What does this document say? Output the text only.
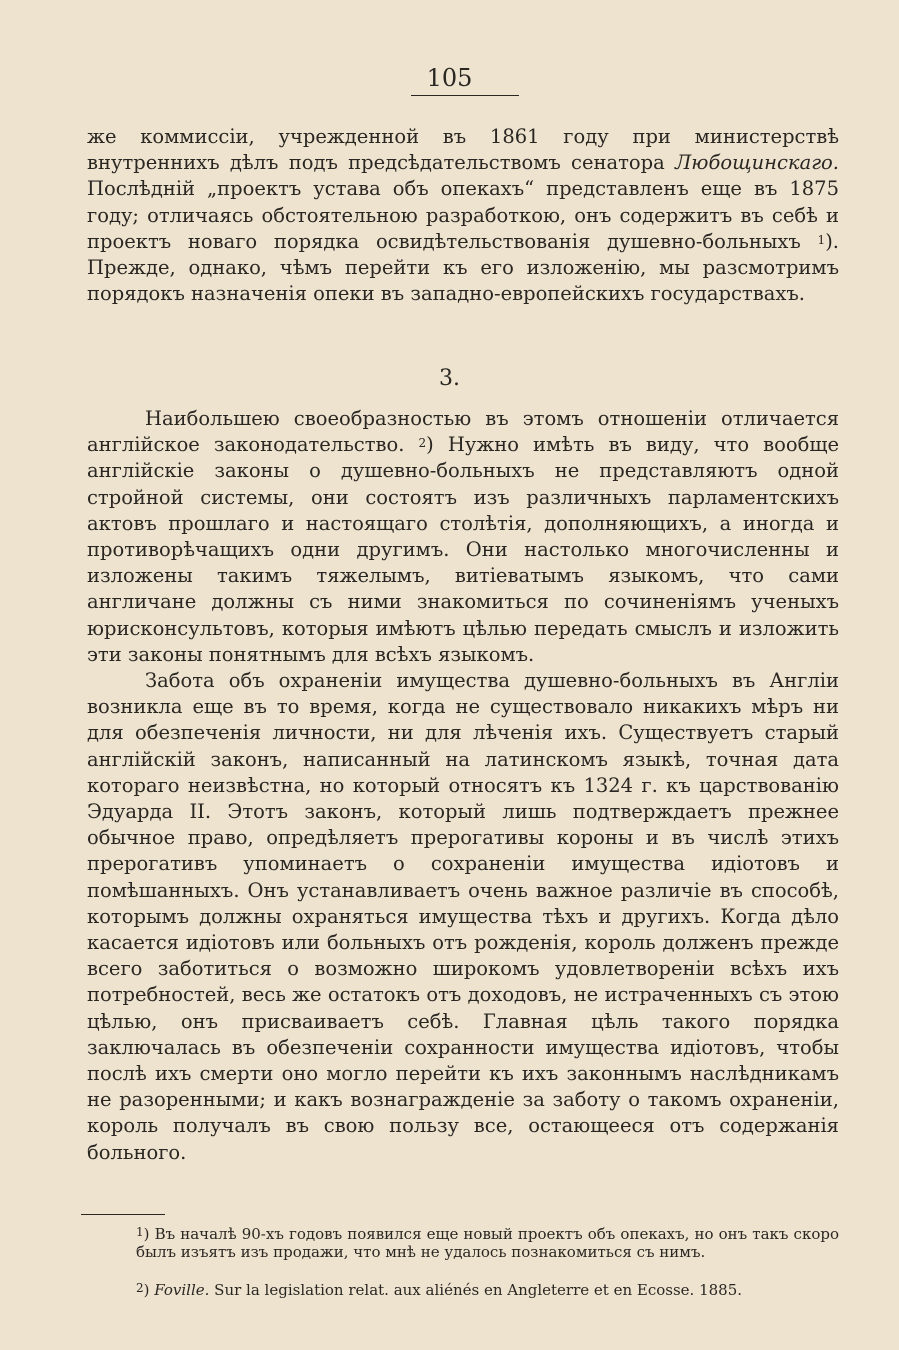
105

же коммиссіи, учрежденной въ 1861 году при министерствѣ внутреннихъ дѣлъ подъ предсѣдательствомъ сенатора Любощинскаго. Послѣдній „проектъ устава объ опекахъ“ представленъ еще въ 1875 году; отличаясь обстоятельною разработкою, онъ содержитъ въ себѣ и проектъ новаго порядка освидѣтельствованія душевно-больныхъ $^1$). Прежде, однако, чѣмъ перейти къ его изложенію, мы разсмотримъ порядокъ назначенія опеки въ западно-европейскихъ государствахъ.

3.

Наибольшею своеобразностью въ этомъ отношеніи отличается англійское законодательство. $^2$) Нужно имѣть въ виду, что вообще англійскіе законы о душевно-больныхъ не представляютъ одной стройной системы, они состоятъ изъ различныхъ парламентскихъ актовъ прошлаго и настоящаго столѣтія, дополняющихъ, а иногда и противорѣчащихъ одни другимъ. Они настолько многочисленны и изложены такимъ тяжелымъ, витіеватымъ языкомъ, что сами англичане должны съ ними знакомиться по сочиненіямъ ученыхъ юрисконсультовъ, которыя имѣютъ цѣлью передать смыслъ и изложить эти законы понятнымъ для всѣхъ языкомъ.

Забота объ охраненіи имущества душевно-больныхъ въ Англіи возникла еще въ то время, когда не существовало никакихъ мѣръ ни для обезпеченія личности, ни для лѣченія ихъ. Существуетъ старый англійскій законъ, написанный на латинскомъ языкѣ, точная дата котораго неизвѣстна, но который относятъ къ 1324 г. къ царствованію Эдуарда II. Этотъ законъ, который лишь подтверждаетъ прежнее обычное право, опредѣляетъ прерогативы короны и въ числѣ этихъ прерогативъ упоминаетъ о сохраненіи имущества идіотовъ и помѣшанныхъ. Онъ устанавливаетъ очень важное различіе въ способѣ, которымъ должны охраняться имущества тѣхъ и другихъ. Когда дѣло касается идіотовъ или больныхъ отъ рожденія, король долженъ прежде всего заботиться о возможно широкомъ удовлетвореніи всѣхъ ихъ потребностей, весь же остатокъ отъ доходовъ, не истраченныхъ съ этою цѣлью, онъ присваиваетъ себѣ. Главная цѣль такого порядка заключалась въ обезпеченіи сохранности имущества идіотовъ, чтобы послѣ ихъ смерти оно могло перейти къ ихъ законнымъ наслѣдникамъ не разоренными; и какъ вознагражденіе за заботу о такомъ охраненіи, король получалъ въ свою пользу все, остающееся отъ содержанія больного.

$^1$) Въ началѣ 90-хъ годовъ появился еще новый проектъ объ опекахъ, но онъ такъ скоро былъ изъятъ изъ продажи, что мнѣ не удалось познакомиться съ нимъ.
$^2$) Foville. Sur la legislation relat. aux aliénés en Angleterre et en Ecosse. 1885.
